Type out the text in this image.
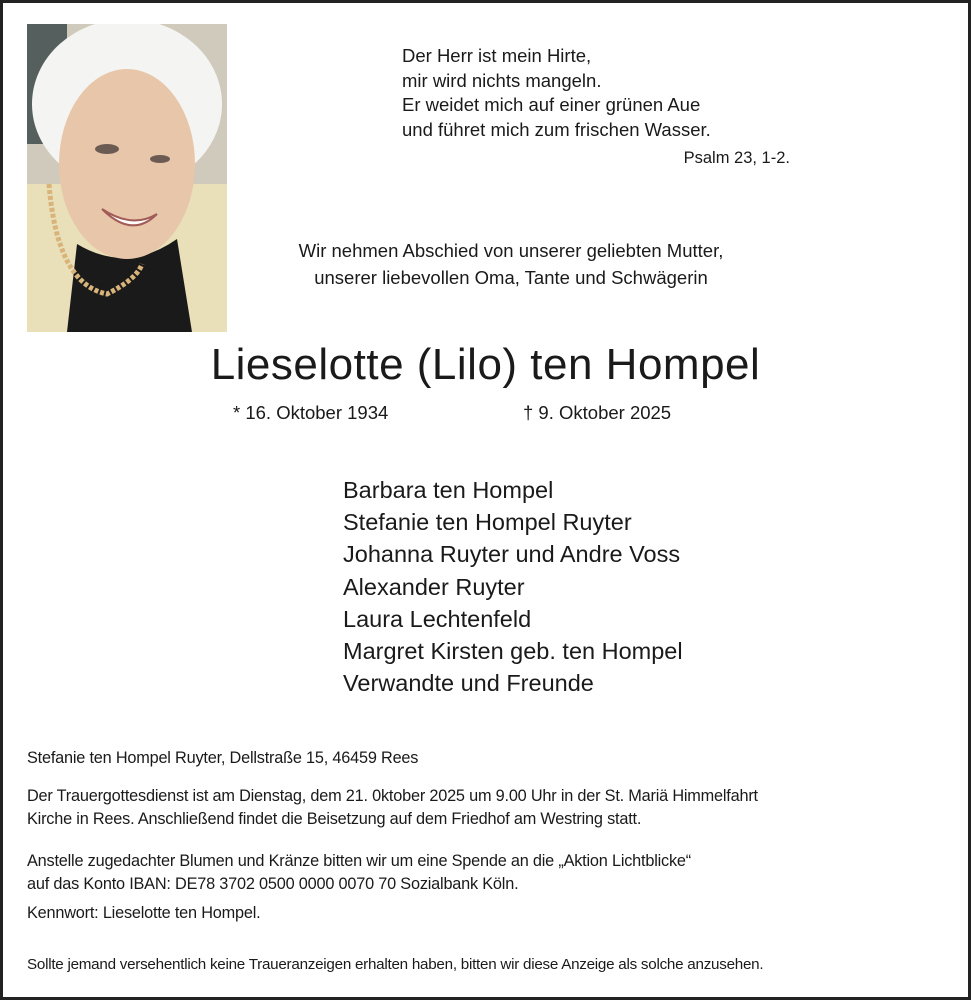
Der Herr ist mein Hirte,
mir wird nichts mangeln.
Er weidet mich auf einer grünen Aue
und führet mich zum frischen Wasser.
Psalm 23, 1-2.
Wir nehmen Abschied von unserer geliebten Mutter,
unserer liebevollen Oma, Tante und Schwägerin
Lieselotte (Lilo) ten Hompel
* 16. Oktober 1934	† 9. Oktober 2025
Barbara ten Hompel
Stefanie ten Hompel Ruyter
Johanna Ruyter und Andre Voss
Alexander Ruyter
Laura Lechtenfeld
Margret Kirsten geb. ten Hompel
Verwandte und Freunde
Stefanie ten Hompel Ruyter, Dellstraße 15, 46459 Rees
Der Trauergottesdienst ist am Dienstag, dem 21. 0ktober 2025 um 9.00 Uhr in der St. Mariä Himmelfahrt
Kirche in Rees. Anschließend findet die Beisetzung auf dem Friedhof am Westring statt.
Anstelle zugedachter Blumen und Kränze bitten wir um eine Spende an die „Aktion Lichtblicke“
auf das Konto IBAN: DE78 3702 0500 0000 0070 70 Sozialbank Köln.
Kennwort: Lieselotte ten Hompel.
Sollte jemand versehentlich keine Traueranzeigen erhalten haben, bitten wir diese Anzeige als solche anzusehen.
